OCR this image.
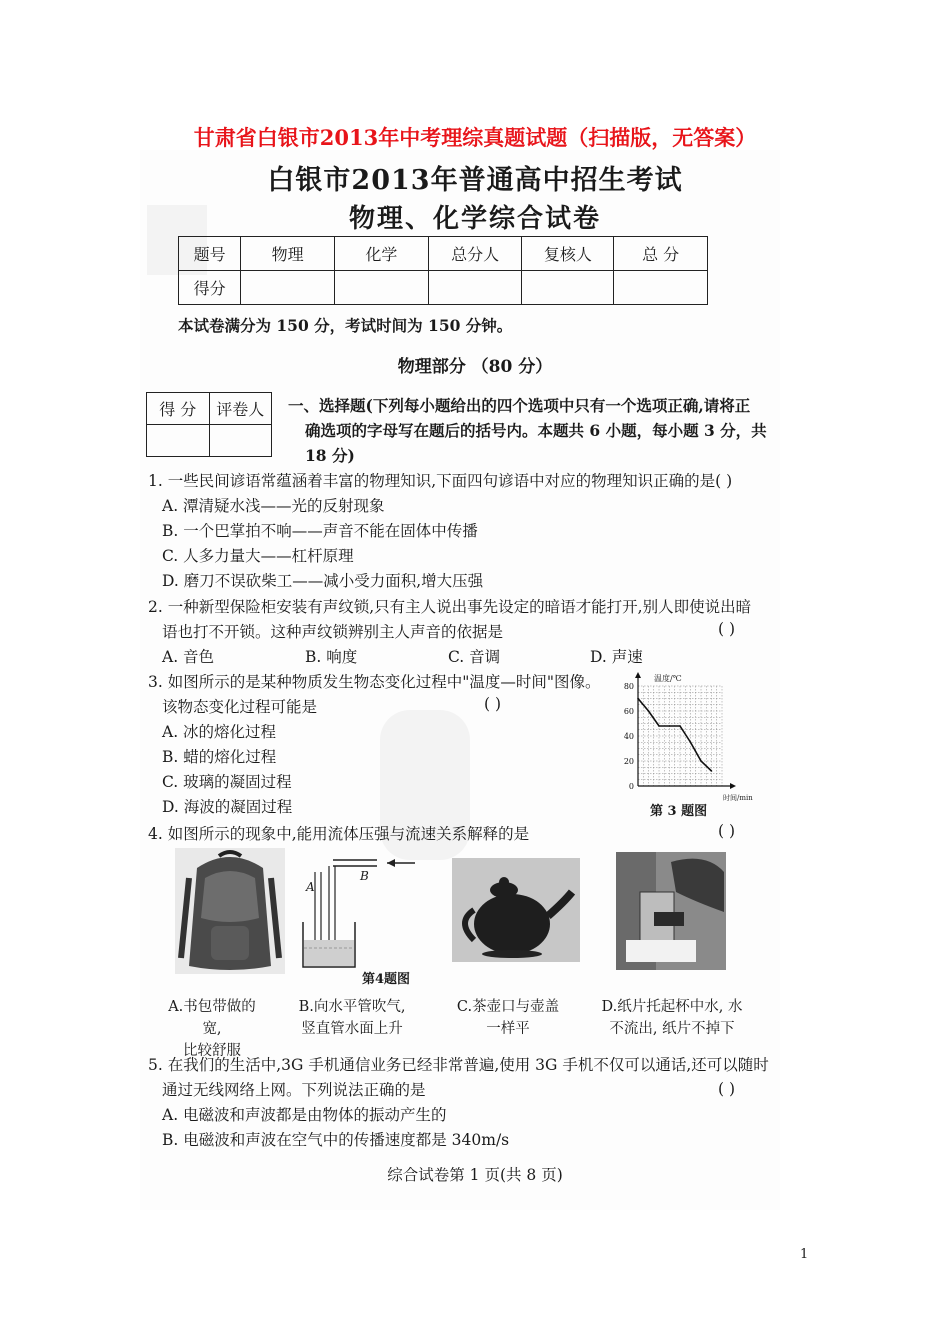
甘肃省白银市2013年中考理综真题试题（扫描版，无答案）
白银市2013年普通高中招生考试
物理、化学综合试卷
题号	物理	化学	总分人	复核人	总 分
得分					
本试卷满分为 150 分，考试时间为 150 分钟。
物理部分 （80 分）
得 分	评卷人
	一、选择题(下列每小题给出的四个选项中只有一个选项正确,请将正
确选项的字母写在题后的括号内。本题共 6 小题，每小题 3 分，共
18 分)
1. 一些民间谚语常蕴涵着丰富的物理知识,下面四句谚语中对应的物理知识正确的是( )
A. 潭清疑水浅——光的反射现象
B. 一个巴掌拍不响——声音不能在固体中传播
C. 人多力量大——杠杆原理
D. 磨刀不误砍柴工——减小受力面积,增大压强
2. 一种新型保险柜安装有声纹锁,只有主人说出事先设定的暗语才能打开,别人即使说出暗
语也打不开锁。这种声纹锁辨别主人声音的依据是	( )
A. 音色	B. 响度	C. 音调	D. 声速
3. 如图所示的是某种物质发生物态变化过程中"温度—时间"图像。
该物态变化过程可能是	( )
A. 冰的熔化过程
B. 蜡的熔化过程
C. 玻璃的凝固过程
D. 海波的凝固过程
0
20
40
60
80
温度/℃
时间/min
第 3 题图
4. 如图所示的现象中,能用流体压强与流速关系解释的是	( )
A
B
第4题图
A.书包带做的宽,
比较舒服
B.向水平管吹气,
竖直管水面上升
C.茶壶口与壶盖
一样平
D.纸片托起杯中水, 水
不流出, 纸片不掉下
5. 在我们的生活中,3G 手机通信业务已经非常普遍,使用 3G 手机不仅可以通话,还可以随时
通过无线网络上网。下列说法正确的是	( )
A. 电磁波和声波都是由物体的振动产生的
B. 电磁波和声波在空气中的传播速度都是 340m/s
综合试卷第 1 页(共 8 页)
1
